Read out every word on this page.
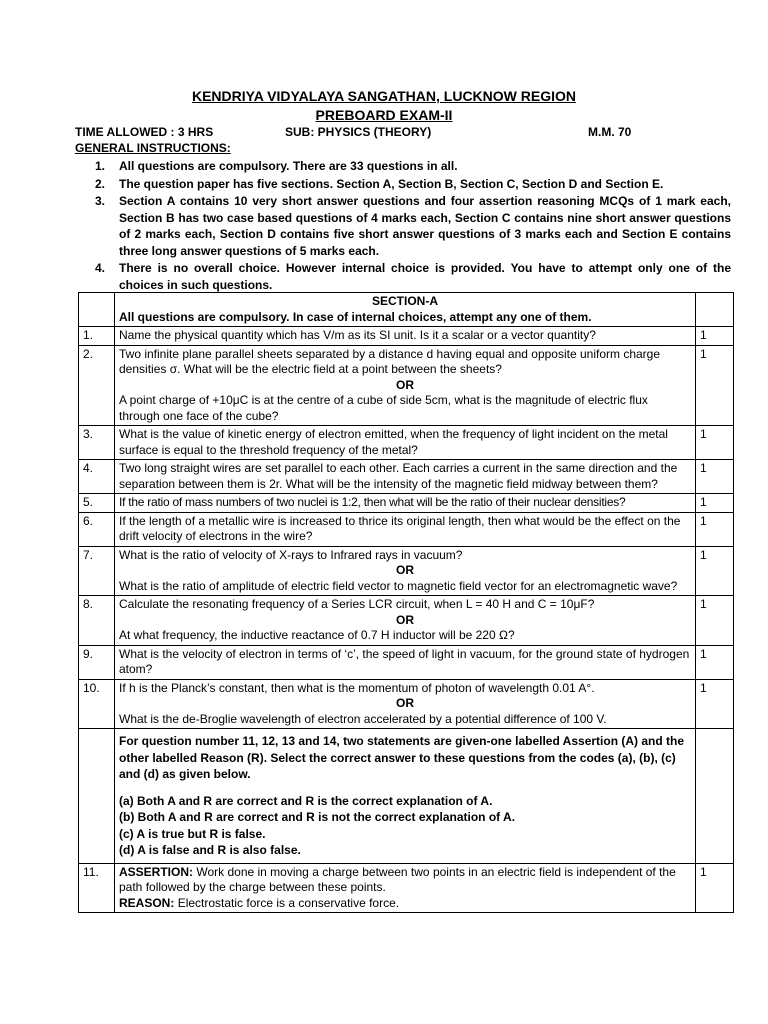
KENDRIYA VIDYALAYA SANGATHAN, LUCKNOW REGION
PREBOARD EXAM-II
TIME ALLOWED : 3 HRS	SUB: PHYSICS (THEORY)	M.M. 70
GENERAL INSTRUCTIONS:
1.	All questions are compulsory. There are 33 questions in all.
2.	The question paper has five sections. Section A, Section B, Section C, Section D and Section E.
3.	Section A contains 10 very short answer questions and four assertion reasoning MCQs of 1 mark each, Section B has two case based questions of 4 marks each, Section C contains nine short answer questions of 2 marks each, Section D contains five short answer questions of 3 marks each and Section E contains three long answer questions of 5 marks each.
4.	There is no overall choice. However internal choice is provided. You have to attempt only one of the choices in such questions.

	SECTION-A
All questions are compulsory. In case of internal choices, attempt any one of them.	

1.	Name the physical quantity which has V/m as its SI unit. Is it a scalar or a vector quantity?	1
2.	Two infinite plane parallel sheets separated by a distance d having equal and opposite uniform charge densities σ. What will be the electric field at a point between the sheets?
OR
A point charge of +10μC is at the centre of a cube of side 5cm, what is the magnitude of electric flux through one face of the cube?	1
3.	What is the value of kinetic energy of electron emitted, when the frequency of light incident on the metal surface is equal to the threshold frequency of the metal?	1
4.	Two long straight wires are set parallel to each other. Each carries a current in the same direction and the separation between them is 2r. What will be the intensity of the magnetic field midway between them?	1
5.	If the ratio of mass numbers of two nuclei is 1:2, then what will be the ratio of their nuclear densities?	1
6.	If the length of a metallic wire is increased to thrice its original length, then what would be the effect on the drift velocity of electrons in the wire?	1
7.	What is the ratio of velocity of X-rays to Infrared rays in vacuum?
OR
What is the ratio of amplitude of electric field vector to magnetic field vector for an electromagnetic wave?	1
8.	Calculate the resonating frequency of a Series LCR circuit, when L = 40 H and C = 10μF?
OR
At what frequency, the inductive reactance of 0.7 H inductor will be 220 Ω?	1
9.	What is the velocity of electron in terms of ‘c’, the speed of light in vacuum, for the ground state of hydrogen atom?	1
10.	If h is the Planck’s constant, then what is the momentum of photon of wavelength 0.01 A°.
OR
What is the de-Broglie wavelength of electron accelerated by a potential difference of 100 V.	1

	For question number 11, 12, 13 and 14, two statements are given-one labelled Assertion (A) and the other labelled Reason (R). Select the correct answer to these questions from the codes (a), (b), (c) and (d) as given below.
(a) Both A and R are correct and R is the correct explanation of A.
(b) Both A and R are correct and R is not the correct explanation of A.
(c) A is true but R is false.
(d) A is false and R is also false.	

11.	ASSERTION: Work done in moving a charge between two points in an electric field is independent of the path followed by the charge between these points.
REASON: Electrostatic force is a conservative force.	1
